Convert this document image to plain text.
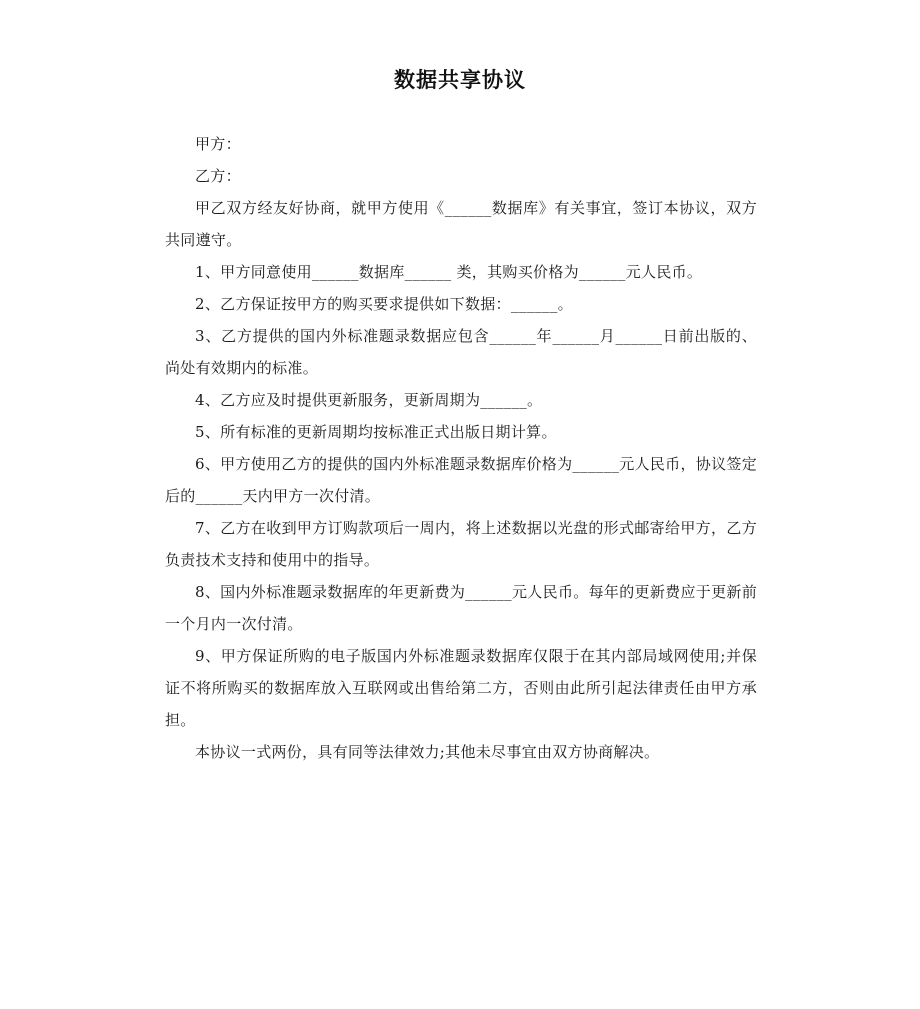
数据共享协议

甲方：

乙方：

甲乙双方经友好协商，就甲方使用《______数据库》有关事宜，签订本协议，双方共同遵守。

1、甲方同意使用______数据库______ 类，其购买价格为______元人民币。

2、乙方保证按甲方的购买要求提供如下数据：______。

3、乙方提供的国内外标准题录数据应包含______年______月______日前出版的、尚处有效期内的标准。

4、乙方应及时提供更新服务，更新周期为______。

5、所有标准的更新周期均按标准正式出版日期计算。

6、甲方使用乙方的提供的国内外标准题录数据库价格为______元人民币，协议签定后的______天内甲方一次付清。

7、乙方在收到甲方订购款项后一周内，将上述数据以光盘的形式邮寄给甲方，乙方负责技术支持和使用中的指导。

8、国内外标准题录数据库的年更新费为______元人民币。每年的更新费应于更新前一个月内一次付清。

9、甲方保证所购的电子版国内外标准题录数据库仅限于在其内部局域网使用;并保证不将所购买的数据库放入互联网或出售给第二方，否则由此所引起法律责任由甲方承担。

本协议一式两份，具有同等法律效力;其他未尽事宜由双方协商解决。
